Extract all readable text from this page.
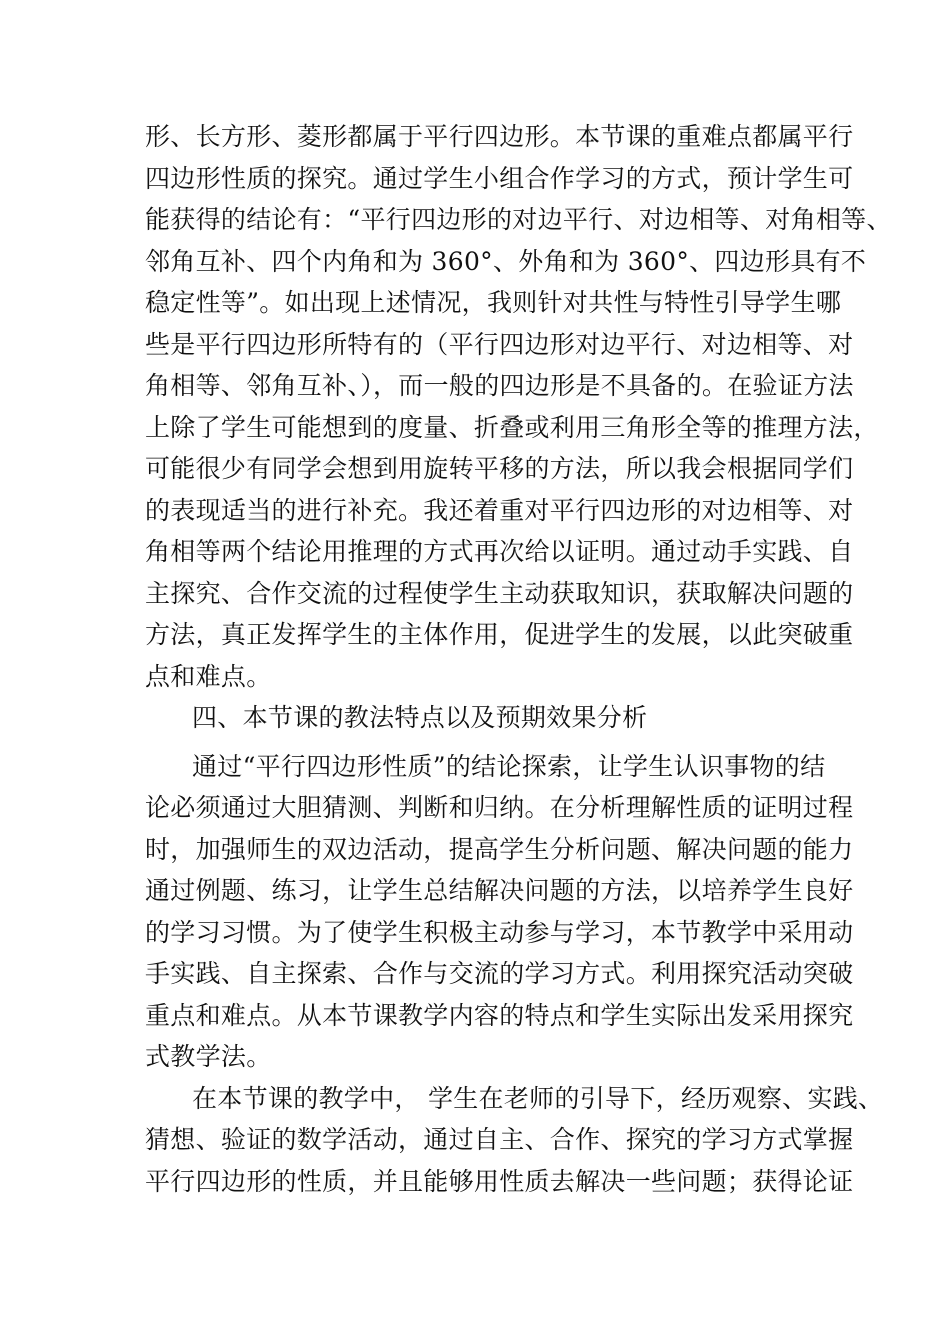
形、长方形、菱形都属于平行四边形。本节课的重难点都属平行
四边形性质的探究。通过学生小组合作学习的方式，预计学生可
能获得的结论有：“平行四边形的对边平行、对边相等、对角相等、
邻角互补、四个内角和为 360°、外角和为 360°、四边形具有不
稳定性等”。如出现上述情况，我则针对共性与特性引导学生哪
些是平行四边形所特有的（平行四边形对边平行、对边相等、对
角相等、邻角互补、），而一般的四边形是不具备的。在验证方法
上除了学生可能想到的度量、折叠或利用三角形全等的推理方法，
可能很少有同学会想到用旋转平移的方法，所以我会根据同学们
的表现适当的进行补充。我还着重对平行四边形的对边相等、对
角相等两个结论用推理的方式再次给以证明。通过动手实践、自
主探究、合作交流的过程使学生主动获取知识，获取解决问题的
方法，真正发挥学生的主体作用，促进学生的发展，以此突破重
点和难点。
四、本节课的教法特点以及预期效果分析
通过“平行四边形性质”的结论探索，让学生认识事物的结
论必须通过大胆猜测、判断和归纳。在分析理解性质的证明过程
时，加强师生的双边活动，提高学生分析问题、解决问题的能力
通过例题、练习，让学生总结解决问题的方法，以培养学生良好
的学习习惯。为了使学生积极主动参与学习，本节教学中采用动
手实践、自主探索、合作与交流的学习方式。利用探究活动突破
重点和难点。从本节课教学内容的特点和学生实际出发采用探究
式教学法。
在本节课的教学中， 学生在老师的引导下，经历观察、实践、
猜想、验证的数学活动，通过自主、合作、探究的学习方式掌握
平行四边形的性质，并且能够用性质去解决一些问题；获得论证
